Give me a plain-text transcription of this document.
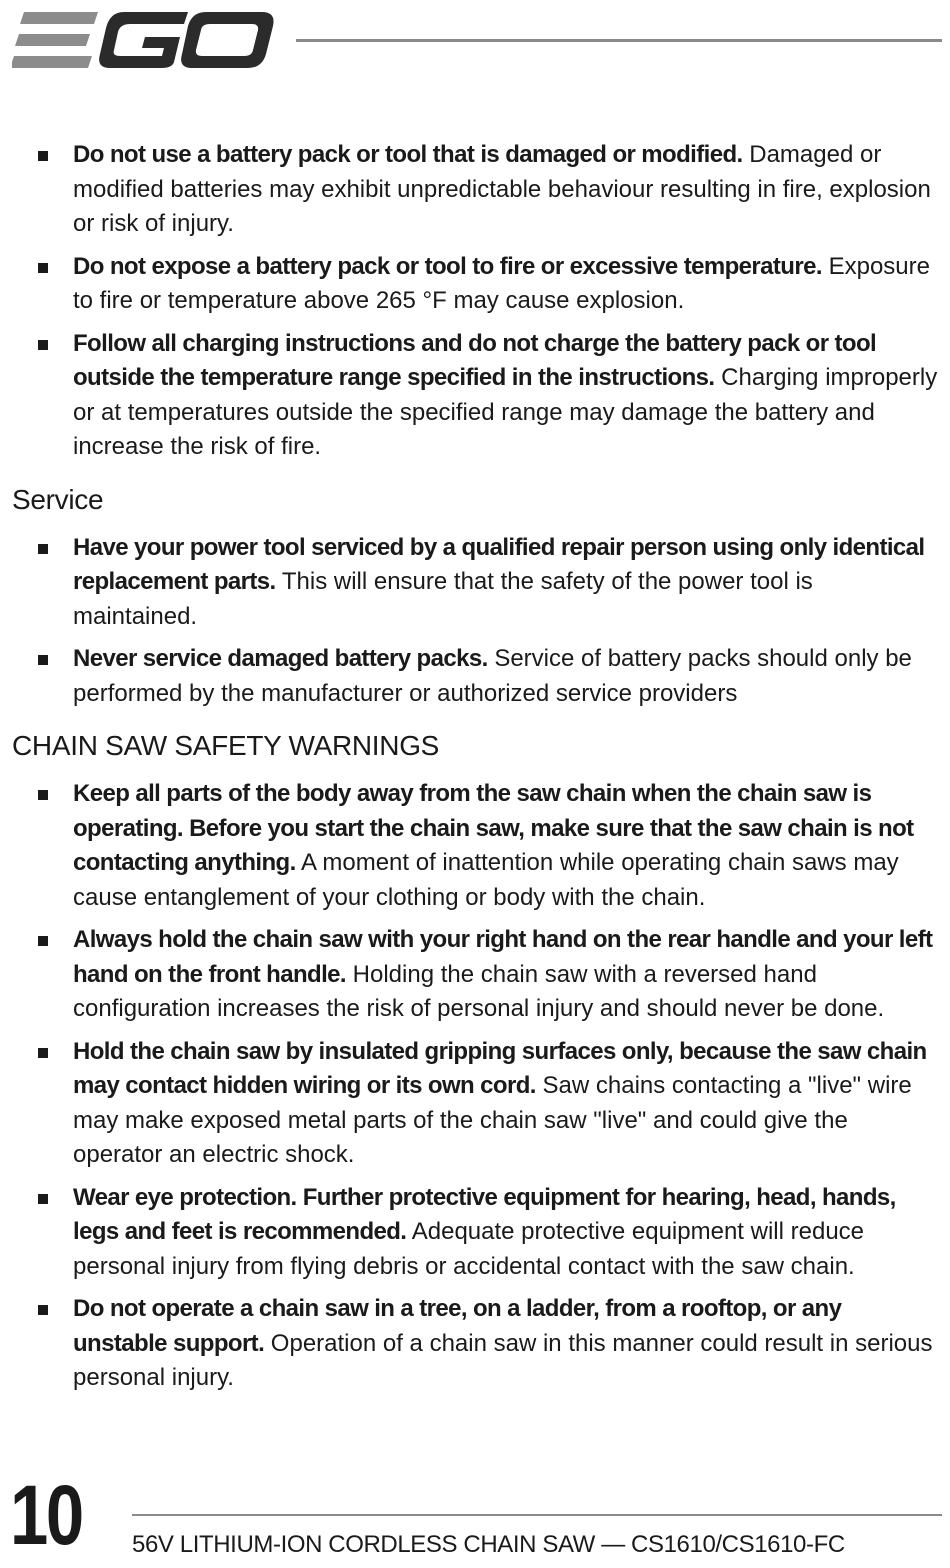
Do not use a battery pack or tool that is damaged or modified. Damaged or modified batteries may exhibit unpredictable behaviour resulting in fire, explosion or risk of injury.
Do not expose a battery pack or tool to fire or excessive temperature. Exposure to fire or temperature above 265 °F may cause explosion.
Follow all charging instructions and do not charge the battery pack or tool outside the temperature range specified in the instructions. Charging improperly or at temperatures outside the specified range may damage the battery and increase the risk of fire.
Service
Have your power tool serviced by a qualified repair person using only identical replacement parts. This will ensure that the safety of the power tool is maintained.
Never service damaged battery packs. Service of battery packs should only be performed by the manufacturer or authorized service providers
CHAIN SAW SAFETY WARNINGS
Keep all parts of the body away from the saw chain when the chain saw is operating. Before you start the chain saw, make sure that the saw chain is not contacting anything. A moment of inattention while operating chain saws may cause entanglement of your clothing or body with the chain.
Always hold the chain saw with your right hand on the rear handle and your left hand on the front handle. Holding the chain saw with a reversed hand configuration increases the risk of personal injury and should never be done.
Hold the chain saw by insulated gripping surfaces only, because the saw chain may contact hidden wiring or its own cord. Saw chains contacting a "live" wire may make exposed metal parts of the chain saw "live" and could give the operator an electric shock.
Wear eye protection. Further protective equipment for hearing, head, hands, legs and feet is recommended. Adequate protective equipment will reduce personal injury from flying debris or accidental contact with the saw chain.
Do not operate a chain saw in a tree, on a ladder, from a rooftop, or any unstable support. Operation of a chain saw in this manner could result in serious personal injury.
10 56V LITHIUM-ION CORDLESS CHAIN SAW — CS1610/CS1610-FC
